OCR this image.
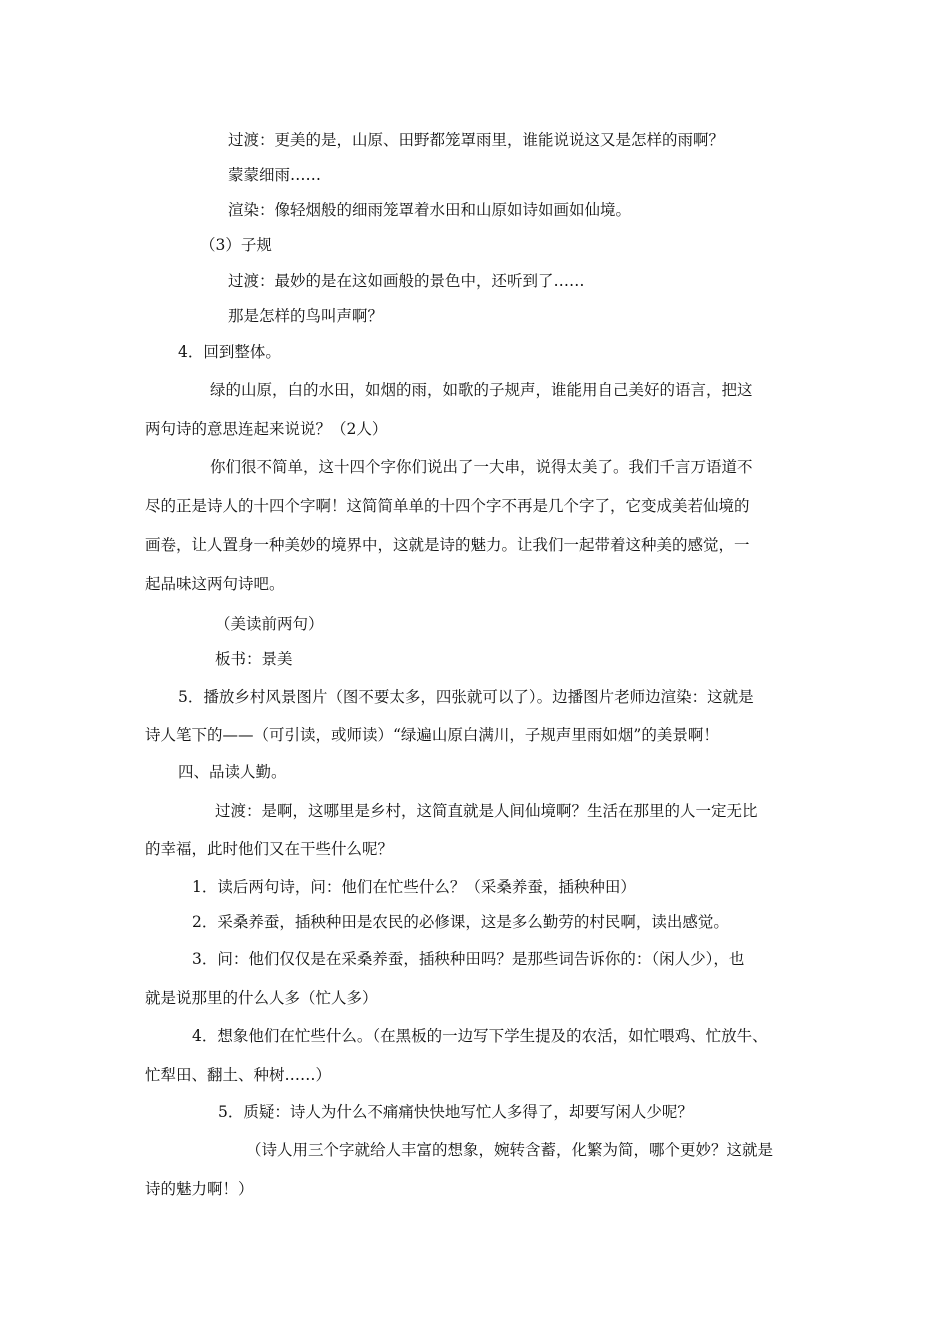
过渡：更美的是，山原、田野都笼罩雨里，谁能说说这又是怎样的雨啊？
蒙蒙细雨……
渲染：像轻烟般的细雨笼罩着水田和山原如诗如画如仙境。
（3）子规
过渡：最妙的是在这如画般的景色中，还听到了……
那是怎样的鸟叫声啊？
4．回到整体。
绿的山原，白的水田，如烟的雨，如歌的子规声，谁能用自己美好的语言，把这
两句诗的意思连起来说说？（2人）
你们很不简单，这十四个字你们说出了一大串，说得太美了。我们千言万语道不
尽的正是诗人的十四个字啊！这简简单单的十四个字不再是几个字了，它变成美若仙境的
画卷，让人置身一种美妙的境界中，这就是诗的魅力。让我们一起带着这种美的感觉，一
起品味这两句诗吧。
（美读前两句）
板书：景美
5．播放乡村风景图片（图不要太多，四张就可以了）。边播图片老师边渲染：这就是
诗人笔下的——（可引读，或师读）“绿遍山原白满川，子规声里雨如烟”的美景啊！
四、品读人勤。
过渡：是啊，这哪里是乡村，这简直就是人间仙境啊？生活在那里的人一定无比
的幸福，此时他们又在干些什么呢？
1．读后两句诗，问：他们在忙些什么？（采桑养蚕，插秧种田）
2．采桑养蚕，插秧种田是农民的必修课，这是多么勤劳的村民啊，读出感觉。
3．问：他们仅仅是在采桑养蚕，插秧种田吗？是那些词告诉你的：（闲人少），也
就是说那里的什么人多（忙人多）
4．想象他们在忙些什么。（在黑板的一边写下学生提及的农活，如忙喂鸡、忙放牛、
忙犁田、翻土、种树……）
5．质疑：诗人为什么不痛痛快快地写忙人多得了，却要写闲人少呢？
（诗人用三个字就给人丰富的想象，婉转含蓄，化繁为简，哪个更妙？这就是
诗的魅力啊！）
